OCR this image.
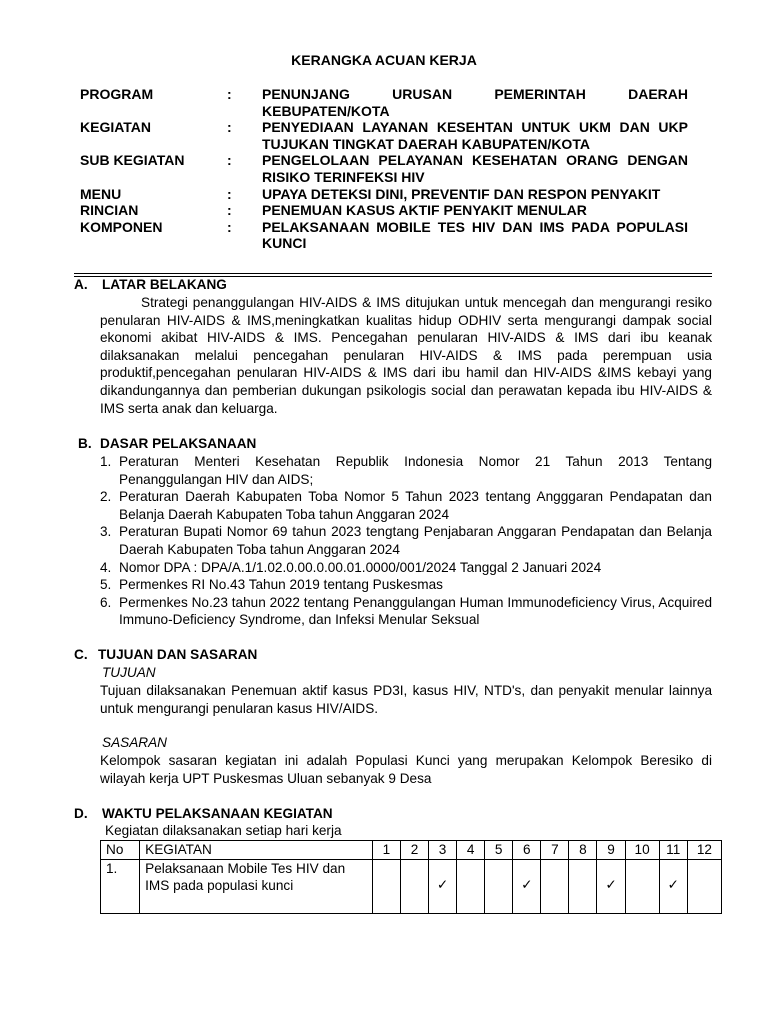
KERANGKA ACUAN KERJA
PROGRAM	:	PENUNJANG URUSAN PEMERINTAH DAERAH KEBUPATEN/KOTA
KEGIATAN	:	PENYEDIAAN LAYANAN KESEHTAN UNTUK UKM DAN UKP TUJUKAN TINGKAT DAERAH KABUPATEN/KOTA
SUB KEGIATAN	:	PENGELOLAAN PELAYANAN KESEHATAN ORANG DENGAN RISIKO TERINFEKSI HIV
MENU	:	UPAYA DETEKSI DINI, PREVENTIF DAN RESPON PENYAKIT
RINCIAN	:	PENEMUAN KASUS AKTIF PENYAKIT MENULAR
KOMPONEN	:	PELAKSANAAN MOBILE TES HIV DAN IMS PADA POPULASI KUNCI
A. LATAR BELAKANG
Strategi penanggulangan HIV-AIDS & IMS ditujukan untuk mencegah dan mengurangi resiko penularan HIV-AIDS & IMS,meningkatkan kualitas hidup ODHIV serta mengurangi dampak social ekonomi akibat HIV-AIDS & IMS. Pencegahan penularan HIV-AIDS & IMS dari ibu keanak dilaksanakan melalui pencegahan penularan HIV-AIDS & IMS pada perempuan usia produktif,pencegahan penularan HIV-AIDS & IMS dari ibu hamil dan HIV-AIDS &IMS kebayi yang dikandungannya dan pemberian dukungan psikologis social dan perawatan kepada ibu HIV-AIDS & IMS serta anak dan keluarga.
B. DASAR PELAKSANAAN
1. Peraturan Menteri Kesehatan Republik Indonesia Nomor 21 Tahun 2013 Tentang Penanggulangan HIV dan AIDS;
2. Peraturan Daerah Kabupaten Toba Nomor 5 Tahun 2023 tentang Angggaran Pendapatan dan Belanja Daerah Kabupaten Toba tahun Anggaran 2024
3. Peraturan Bupati Nomor 69 tahun 2023 tengtang Penjabaran Anggaran Pendapatan dan Belanja Daerah Kabupaten Toba tahun Anggaran 2024
4. Nomor DPA : DPA/A.1/1.02.0.00.0.00.01.0000/001/2024 Tanggal 2 Januari 2024
5. Permenkes RI No.43 Tahun 2019 tentang Puskesmas
6. Permenkes No.23 tahun 2022 tentang Penanggulangan Human Immunodeficiency Virus, Acquired Immuno-Deficiency Syndrome, dan Infeksi Menular Seksual
C. TUJUAN DAN SASARAN
TUJUAN
Tujuan dilaksanakan Penemuan aktif kasus PD3I, kasus HIV, NTD's, dan penyakit menular lainnya untuk mengurangi penularan kasus HIV/AIDS.
SASARAN
Kelompok sasaran kegiatan ini adalah Populasi Kunci yang merupakan Kelompok Beresiko di wilayah kerja UPT Puskesmas Uluan sebanyak 9 Desa
D. WAKTU PELAKSANAAN KEGIATAN
Kegiatan dilaksanakan setiap hari kerja
No	KEGIATAN	1	2	3	4	5	6	7	8	9	10	11	12
1.	Pelaksanaan Mobile Tes HIV dan IMS pada populasi kunci			✓			✓			✓		✓	
